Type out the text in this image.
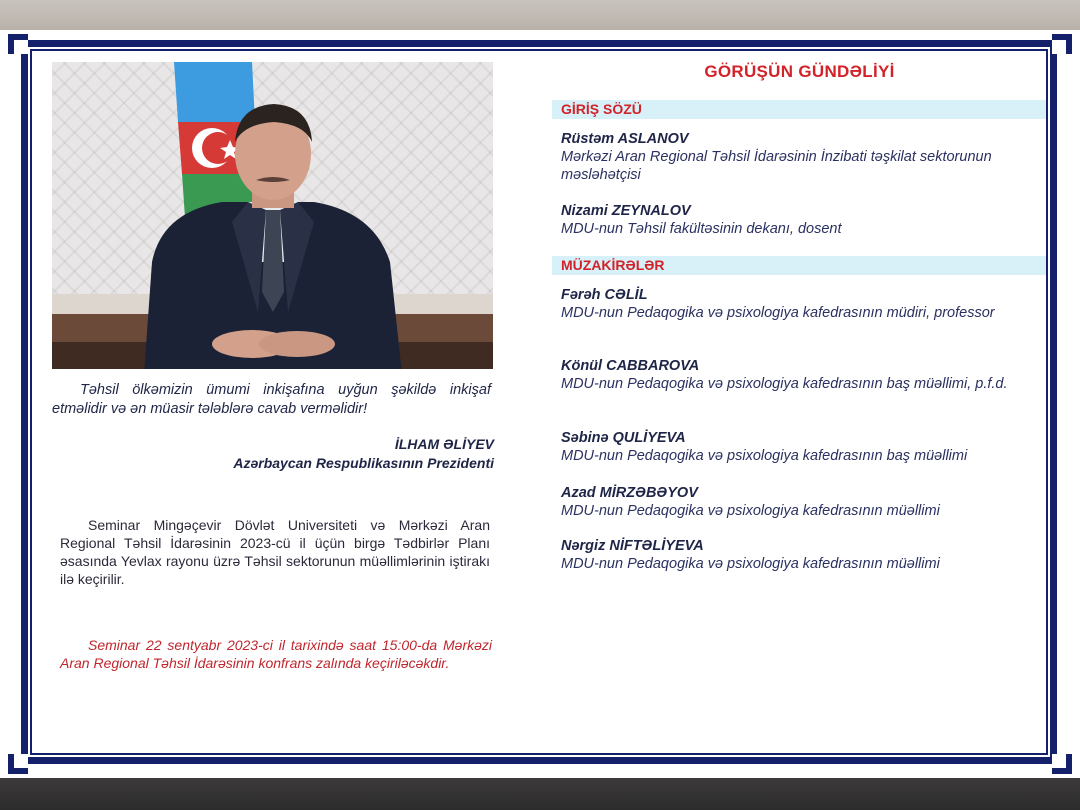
Təhsil ölkəmizin ümumi inkişafına uyğun şəkildə inkişaf etməlidir və ən müasir tələblərə cavab verməlidir!
İLHAM ƏLİYEV
Azərbaycan Respublikasının Prezidenti
Seminar Mingəçevir Dövlət Universiteti və Mərkəzi Aran Regional Təhsil İdarəsinin 2023-cü il üçün birgə Tədbirlər Planı əsasında Yevlax rayonu üzrə Təhsil sektorunun müəllimlərinin iştirakı ilə keçirilir.
Seminar 22 sentyabr 2023-ci il tarixində saat 15:00-da Mərkəzi Aran Regional Təhsil İdarəsinin konfrans zalında keçiriləcəkdir.
GÖRÜŞÜN GÜNDƏLİYİ
GİRİŞ SÖZÜ
Rüstəm ASLANOV
Mərkəzi Aran Regional Təhsil İdarəsinin İnzibati təşkilat sektorunun məsləhətçisi
Nizami ZEYNALOV
MDU-nun Təhsil fakültəsinin dekanı, dosent
MÜZAKİRƏLƏR
Fərəh CƏLİL
MDU-nun Pedaqogika və psixologiya kafedrasının müdiri, professor
Könül CABBAROVA
MDU-nun Pedaqogika və psixologiya kafedrasının baş müəllimi, p.f.d.
Səbinə QULİYEVA
MDU-nun Pedaqogika və psixologiya kafedrasının baş müəllimi
Azad MİRZƏBƏYOV
MDU-nun Pedaqogika və psixologiya kafedrasının müəllimi
Nərgiz NİFTƏLİYEVA
MDU-nun Pedaqogika və psixologiya kafedrasının müəllimi
